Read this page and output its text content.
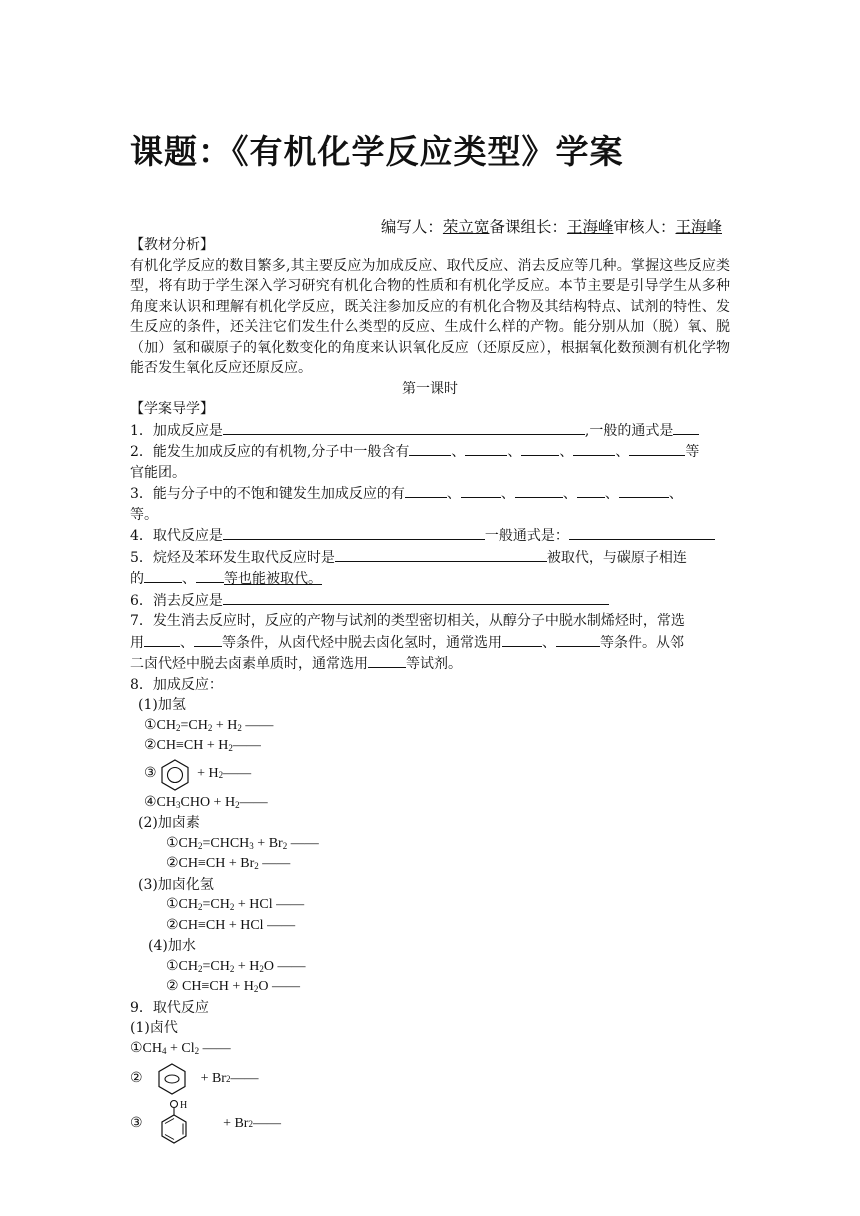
课题：《有机化学反应类型》学案
编写人：荣立宽备课组长：王海峰审核人：王海峰
【教材分析】
有机化学反应的数目繁多,其主要反应为加成反应、取代反应、消去反应等几种。掌握这些反应类型，将有助于学生深入学习研究有机化合物的性质和有机化学反应。本节主要是引导学生从多种角度来认识和理解有机化学反应，既关注参加反应的有机化合物及其结构特点、试剂的特性、发生反应的条件，还关注它们发生什么类型的反应、生成什么样的产物。能分别从加（脱）氧、脱（加）氢和碳原子的氧化数变化的角度来认识氧化反应（还原反应），根据氧化数预测有机化学物能否发生氧化反应还原反应。
第一课时
【学案导学】
1．加成反应是	,一般的通式是
2．能发生加成反应的有机物,分子中一般含有	、	、	、	、	等
官能团。
3．能与分子中的不饱和键发生加成反应的有	、	、	、 、	、
等。
4．取代反应是	一般通式是：
5．烷烃及苯环发生取代反应时是	被取代，与碳原子相连
的	、 等也能被取代。
6．消去反应是
7．发生消去反应时，反应的产物与试剂的类型密切相关，从醇分子中脱水制烯烃时，常选
用	、 等条件，从卤代烃中脱去卤化氢时，通常选用	、	等条件。从邻
二卤代烃中脱去卤素单质时，通常选用	等试剂。
8．加成反应：
(1)加氢
$①CH_2=CH_2 + H_2$ ——
②CH≡CH + $H_2——$
③

	+ H 2 ——
$④CH_3CHO$ + $H_2——$
(2)加卤素
$①CH_2=CHCH_3 + Br_2$ ——
②CH≡CH + $Br_2$ ——
(3)加卤化氢
$①CH_2=CH_2$ + HCl ——
②CH≡CH + HCl ——
(4)加水
$①CH_2=CH_2 + H_2O$ ——
② $CH\equiv CH + H_2O$ ——
9．取代反应
(1)卤代
$①CH_4 + Cl_2$ ——
②

	+ Br 2 ——
③

H

+ Br 2 ——
